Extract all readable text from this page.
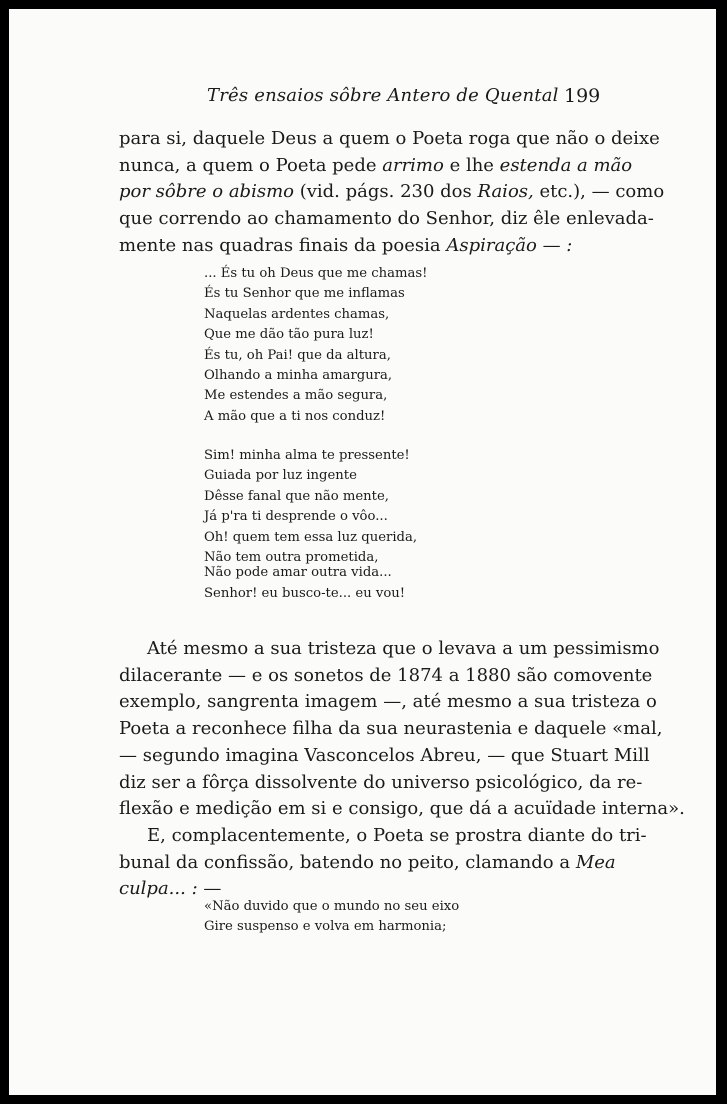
Três ensaios sôbre Antero de Quental 199
para si, daquele Deus a quem o Poeta roga que não o deixe
nunca, a quem o Poeta pede arrimo e lhe estenda a mão
por sôbre o abismo (vid. págs. 230 dos Raios, etc.), — como
que correndo ao chamamento do Senhor, diz êle enlevada-
mente nas quadras finais da poesia Aspiração — :
... És tu oh Deus que me chamas!
És tu Senhor que me inflamas
Naquelas ardentes chamas,
Que me dão tão pura luz!
És tu, oh Pai! que da altura,
Olhando a minha amargura,
Me estendes a mão segura,
A mão que a ti nos conduz!
Sim! minha alma te pressente!
Guiada por luz ingente
Dêsse fanal que não mente,
Já p'ra ti desprende o vôo...
Oh! quem tem essa luz querida,
Não tem outra prometida,
Não pode amar outra vida...
Senhor! eu busco-te... eu vou!
Até mesmo a sua tristeza que o levava a um pessimismo
dilacerante — e os sonetos de 1874 a 1880 são comovente
exemplo, sangrenta imagem —, até mesmo a sua tristeza o
Poeta a reconhece filha da sua neurastenia e daquele «mal,
— segundo imagina Vasconcelos Abreu, — que Stuart Mill
diz ser a fôrça dissolvente do universo psicológico, da re-
flexão e medição em si e consigo, que dá a acuïdade interna».
E, complacentemente, o Poeta se prostra diante do tri-
bunal da confissão, batendo no peito, clamando a Mea
culpa... : —
«Não duvido que o mundo no seu eixo
Gire suspenso e volva em harmonia;
